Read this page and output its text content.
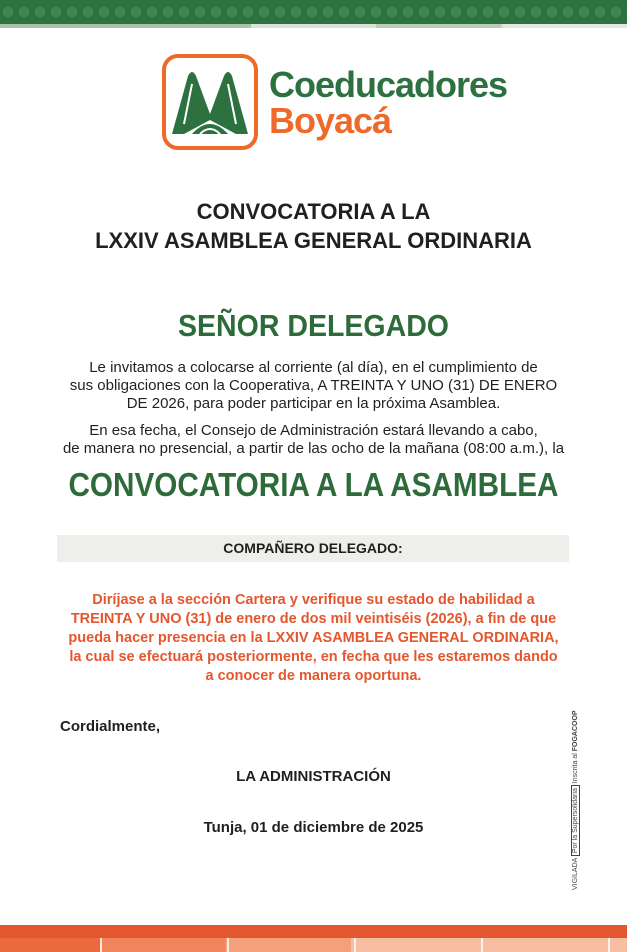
Coeducadores
Boyacá
CONVOCATORIA A LA
LXXIV ASAMBLEA GENERAL ORDINARIA
SEÑOR DELEGADO
Le invitamos a colocarse al corriente (al día), en el cumplimiento de
sus obligaciones con la Cooperativa, A TREINTA Y UNO (31) DE ENERO
DE 2026, para poder participar en la próxima Asamblea.
En esa fecha, el Consejo de Administración estará llevando a cabo,
de manera no presencial, a partir de las ocho de la mañana (08:00 a.m.), la
CONVOCATORIA A LA ASAMBLEA
COMPAÑERO DELEGADO:
Diríjase a la sección Cartera y verifique su estado de habilidad a
TREINTA Y UNO (31) de enero de dos mil veintiséis (2026), a fin de que
pueda hacer presencia en la LXXIV ASAMBLEA GENERAL ORDINARIA,
la cual se efectuará posteriormente, en fecha que les estaremos dando
a conocer de manera oportuna.
Cordialmente,
LA ADMINISTRACIÓN
Tunja, 01 de diciembre de 2025
VIGILADA Por la Supersolidaria Inscrita al FOGACOOP
